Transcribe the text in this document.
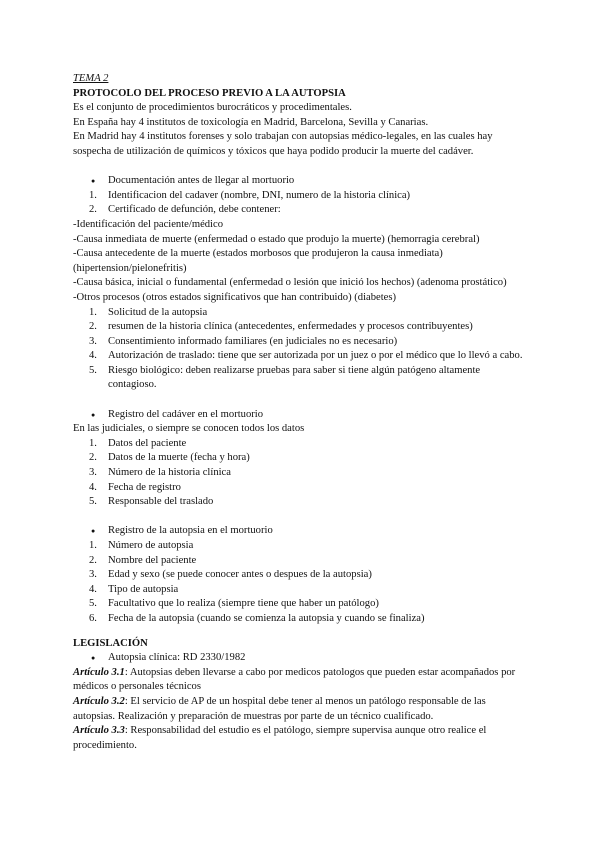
TEMA 2

PROTOCOLO DEL PROCESO PREVIO A LA AUTOPSIA

Es el conjunto de procedimientos burocráticos y procedimentales.

En España hay 4 institutos de toxicología en Madrid, Barcelona, Sevilla y Canarias.

En Madrid hay 4 institutos forenses y solo trabajan con autopsias médico-legales, en las cuales hay sospecha de utilización de químicos y tóxicos que haya podido producir la muerte del cadáver.

● Documentación antes de llegar al mortuorio
1. Identificacion del cadaver (nombre, DNI, numero de la historia clínica)
2. Certificado de defunción, debe contener:

-Identificación del paciente/médico

-Causa inmediata de muerte (enfermedad o estado que produjo la muerte) (hemorragia cerebral)

-Causa antecedente de la muerte (estados morbosos que produjeron la causa inmediata) (hipertension/pielonefritis)

-Causa básica, inicial o fundamental (enfermedad o lesión que inició los hechos) (adenoma prostático)

-Otros procesos (otros estados significativos que han contribuido) (diabetes)

1. Solicitud de la autopsia
2. resumen de la historia clínica (antecedentes, enfermedades y procesos contribuyentes)
3. Consentimiento informado familiares (en judiciales no es necesario)
4. Autorización de traslado: tiene que ser autorizada por un juez o por el médico que lo llevó a cabo.
5. Riesgo biológico: deben realizarse pruebas para saber si tiene algún patógeno altamente contagioso.
● Registro del cadáver en el mortuorio

En las judiciales, o siempre se conocen todos los datos

1. Datos del paciente
2. Datos de la muerte (fecha y hora)
3. Número de la historia clínica
4. Fecha de registro
5. Responsable del traslado
● Registro de la autopsia en el mortuorio
1. Número de autopsia
2. Nombre del paciente
3. Edad y sexo (se puede conocer antes o despues de la autopsia)
4. Tipo de autopsia
5. Facultativo que lo realiza (siempre tiene que haber un patólogo)
6. Fecha de la autopsia (cuando se comienza la autopsia y cuando se finaliza)

LEGISLACIÓN

● Autopsia clínica: RD 2330/1982

Artículo 3.1: Autopsias deben llevarse a cabo por medicos patologos que pueden estar acompañados por médicos o personales técnicos

Artículo 3.2: El servicio de AP de un hospital debe tener al menos un patólogo responsable de las autopsias. Realización y preparación de muestras por parte de un técnico cualificado.

Artículo 3.3: Responsabilidad del estudio es el patólogo, siempre supervisa aunque otro realice el procedimiento.
